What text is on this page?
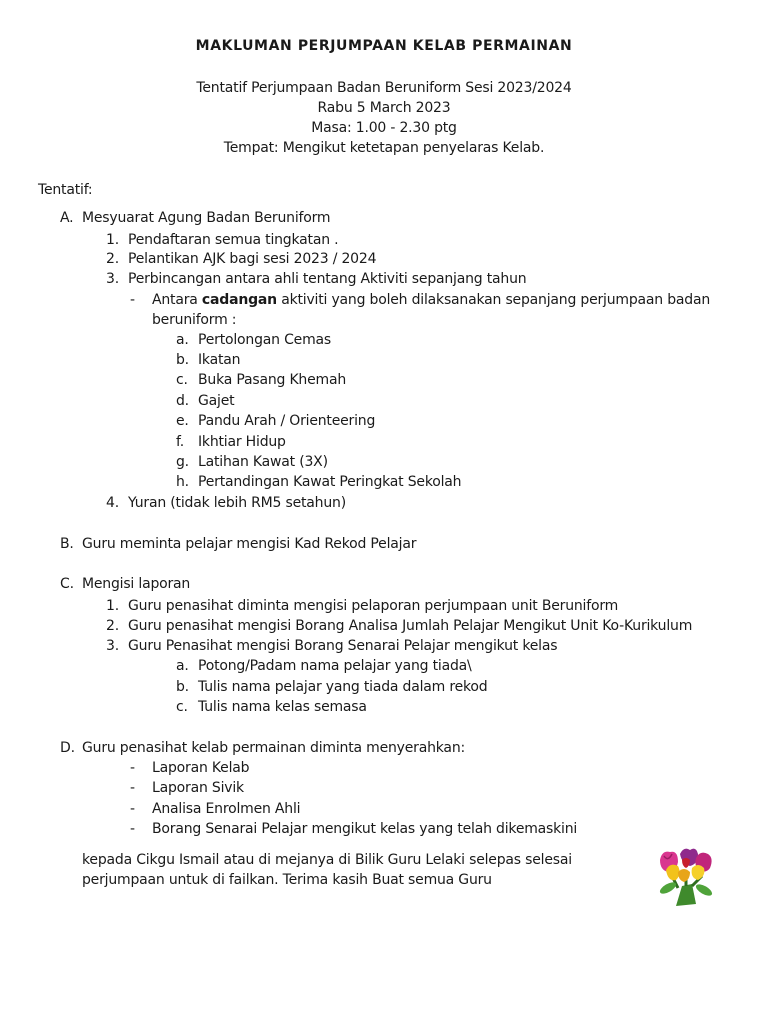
MAKLUMAN PERJUMPAAN KELAB PERMAINAN
Tentatif Perjumpaan Badan Beruniform Sesi 2023/2024
Rabu 5 March 2023
Masa: 1.00 - 2.30 ptg
Tempat: Mengikut ketetapan penyelaras Kelab.
Tentatif:
A. Mesyuarat Agung Badan Beruniform
1. Pendaftaran semua tingkatan .
2. Pelantikan AJK bagi sesi 2023 / 2024
3. Perbincangan antara ahli tentang Aktiviti sepanjang tahun
- Antara cadangan aktiviti yang boleh dilaksanakan sepanjang perjumpaan badan
beruniform :
a. Pertolongan Cemas
b. Ikatan
c. Buka Pasang Khemah
d. Gajet
e. Pandu Arah / Orienteering
f. Ikhtiar Hidup
g. Latihan Kawat (3X)
h. Pertandingan Kawat Peringkat Sekolah
4. Yuran (tidak lebih RM5 setahun)
B. Guru meminta pelajar mengisi Kad Rekod Pelajar
C. Mengisi laporan
1. Guru penasihat diminta mengisi pelaporan perjumpaan unit Beruniform
2. Guru penasihat mengisi Borang Analisa Jumlah Pelajar Mengikut Unit Ko-Kurikulum
3. Guru Penasihat mengisi Borang Senarai Pelajar mengikut kelas
a. Potong/Padam nama pelajar yang tiada\
b. Tulis nama pelajar yang tiada dalam rekod
c. Tulis nama kelas semasa
D. Guru penasihat kelab permainan diminta menyerahkan:
- Laporan Kelab
- Laporan Sivik
- Analisa Enrolmen Ahli
- Borang Senarai Pelajar mengikut kelas yang telah dikemaskini
kepada Cikgu Ismail atau di mejanya di Bilik Guru Lelaki selepas selesai
perjumpaan untuk di failkan. Terima kasih Buat semua Guru
